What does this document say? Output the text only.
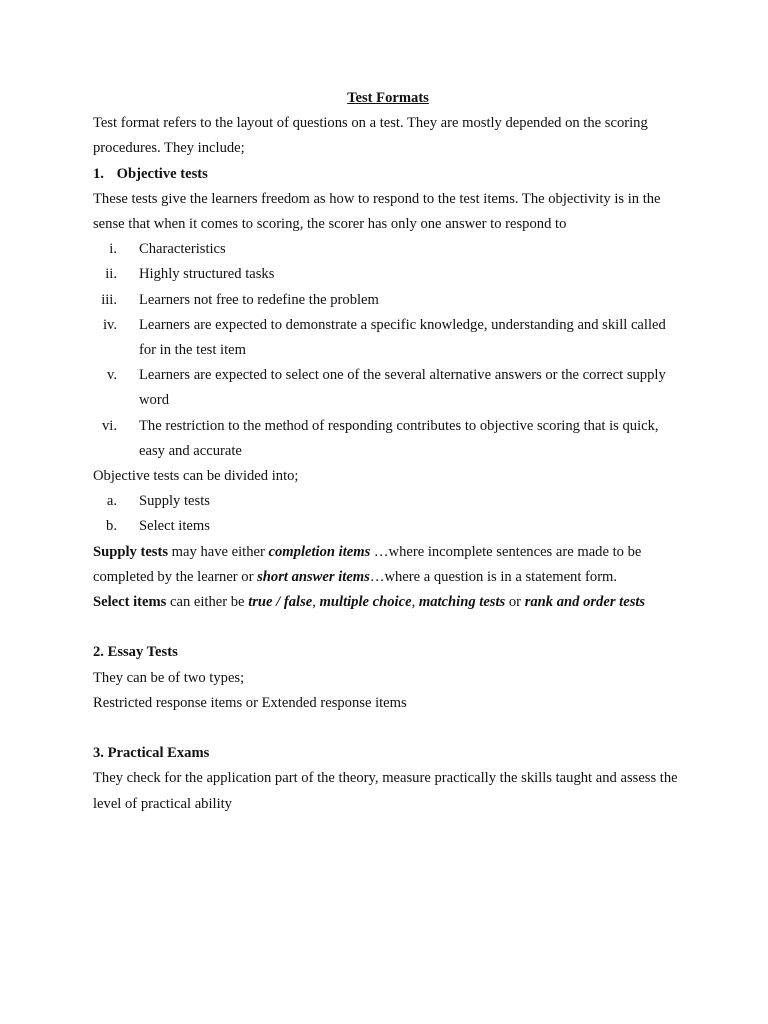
Test Formats

Test format refers to the layout of questions on a test. They are mostly depended on the scoring procedures. They include;

1. Objective tests

These tests give the learners freedom as how to respond to the test items. The objectivity is in the sense that when it comes to scoring, the scorer has only one answer to respond to

i. Characteristics
ii. Highly structured tasks
iii. Learners not free to redefine the problem
iv. Learners are expected to demonstrate a specific knowledge, understanding and skill called for in the test item
v. Learners are expected to select one of the several alternative answers or the correct supply word
vi. The restriction to the method of responding contributes to objective scoring that is quick, easy and accurate

Objective tests can be divided into;

a. Supply tests
b. Select items

Supply tests may have either completion items …where incomplete sentences are made to be completed by the learner or short answer items…where a question is in a statement form.

Select items can either be true / false, multiple choice, matching tests or rank and order tests

2. Essay Tests

They can be of two types;

Restricted response items or Extended response items

3. Practical Exams

They check for the application part of the theory, measure practically the skills taught and assess the level of practical ability
